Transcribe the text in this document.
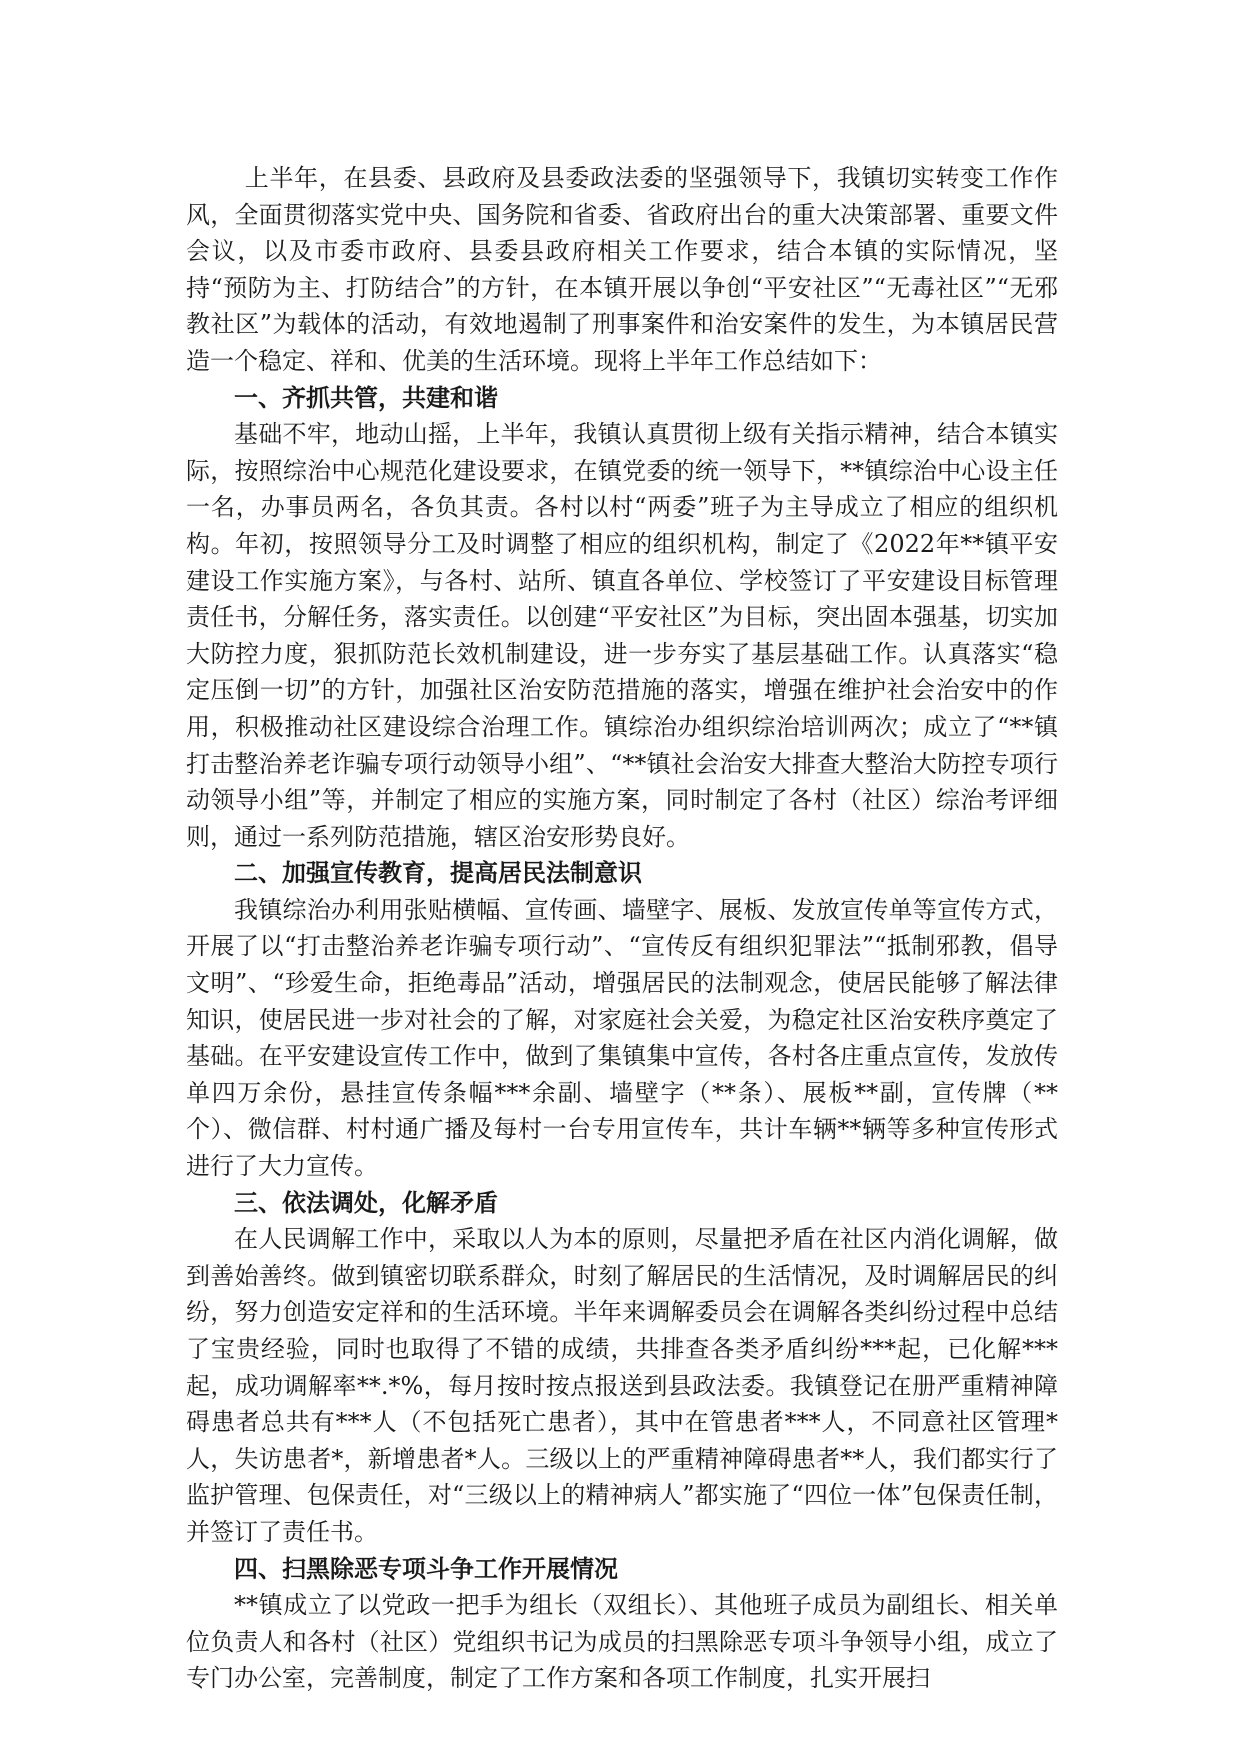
上半年，在县委、县政府及县委政法委的坚强领导下，我镇切实转变工作作风，全面贯彻落实党中央、国务院和省委、省政府出台的重大决策部署、重要文件会议，以及市委市政府、县委县政府相关工作要求，结合本镇的实际情况，坚持“预防为主、打防结合”的方针，在本镇开展以争创“平安社区”“无毒社区”“无邪教社区”为载体的活动，有效地遏制了刑事案件和治安案件的发生，为本镇居民营造一个稳定、祥和、优美的生活环境。现将上半年工作总结如下：

一、齐抓共管，共建和谐

基础不牢，地动山摇，上半年，我镇认真贯彻上级有关指示精神，结合本镇实际，按照综治中心规范化建设要求，在镇党委的统一领导下，**镇综治中心设主任一名，办事员两名，各负其责。各村以村“两委”班子为主导成立了相应的组织机构。年初，按照领导分工及时调整了相应的组织机构，制定了《2022年**镇平安建设工作实施方案》，与各村、站所、镇直各单位、学校签订了平安建设目标管理责任书，分解任务，落实责任。以创建“平安社区”为目标，突出固本强基，切实加大防控力度，狠抓防范长效机制建设，进一步夯实了基层基础工作。认真落实“稳定压倒一切”的方针，加强社区治安防范措施的落实，增强在维护社会治安中的作用，积极推动社区建设综合治理工作。镇综治办组织综治培训两次；成立了“**镇打击整治养老诈骗专项行动领导小组”、“**镇社会治安大排查大整治大防控专项行动领导小组”等，并制定了相应的实施方案，同时制定了各村（社区）综治考评细则，通过一系列防范措施，辖区治安形势良好。

二、加强宣传教育，提高居民法制意识

我镇综治办利用张贴横幅、宣传画、墙壁字、展板、发放宣传单等宣传方式，开展了以“打击整治养老诈骗专项行动”、“宣传反有组织犯罪法”“抵制邪教，倡导文明”、“珍爱生命，拒绝毒品”活动，增强居民的法制观念，使居民能够了解法律知识，使居民进一步对社会的了解，对家庭社会关爱，为稳定社区治安秩序奠定了基础。在平安建设宣传工作中，做到了集镇集中宣传，各村各庄重点宣传，发放传单四万余份，悬挂宣传条幅***余副、墙壁字（**条）、展板**副，宣传牌（**个）、微信群、村村通广播及每村一台专用宣传车，共计车辆**辆等多种宣传形式进行了大力宣传。

三、依法调处，化解矛盾

在人民调解工作中，采取以人为本的原则，尽量把矛盾在社区内消化调解，做到善始善终。做到镇密切联系群众，时刻了解居民的生活情况，及时调解居民的纠纷，努力创造安定祥和的生活环境。半年来调解委员会在调解各类纠纷过程中总结了宝贵经验，同时也取得了不错的成绩，共排查各类矛盾纠纷***起，已化解***起，成功调解率**.*%，每月按时按点报送到县政法委。我镇登记在册严重精神障碍患者总共有***人（不包括死亡患者），其中在管患者***人，不同意社区管理*人，失访患者*，新增患者*人。三级以上的严重精神障碍患者**人，我们都实行了监护管理、包保责任，对“三级以上的精神病人”都实施了“四位一体”包保责任制，并签订了责任书。

四、扫黑除恶专项斗争工作开展情况

**镇成立了以党政一把手为组长（双组长）、其他班子成员为副组长、相关单位负责人和各村（社区）党组织书记为成员的扫黑除恶专项斗争领导小组，成立了专门办公室，完善制度，制定了工作方案和各项工作制度，扎实开展扫
